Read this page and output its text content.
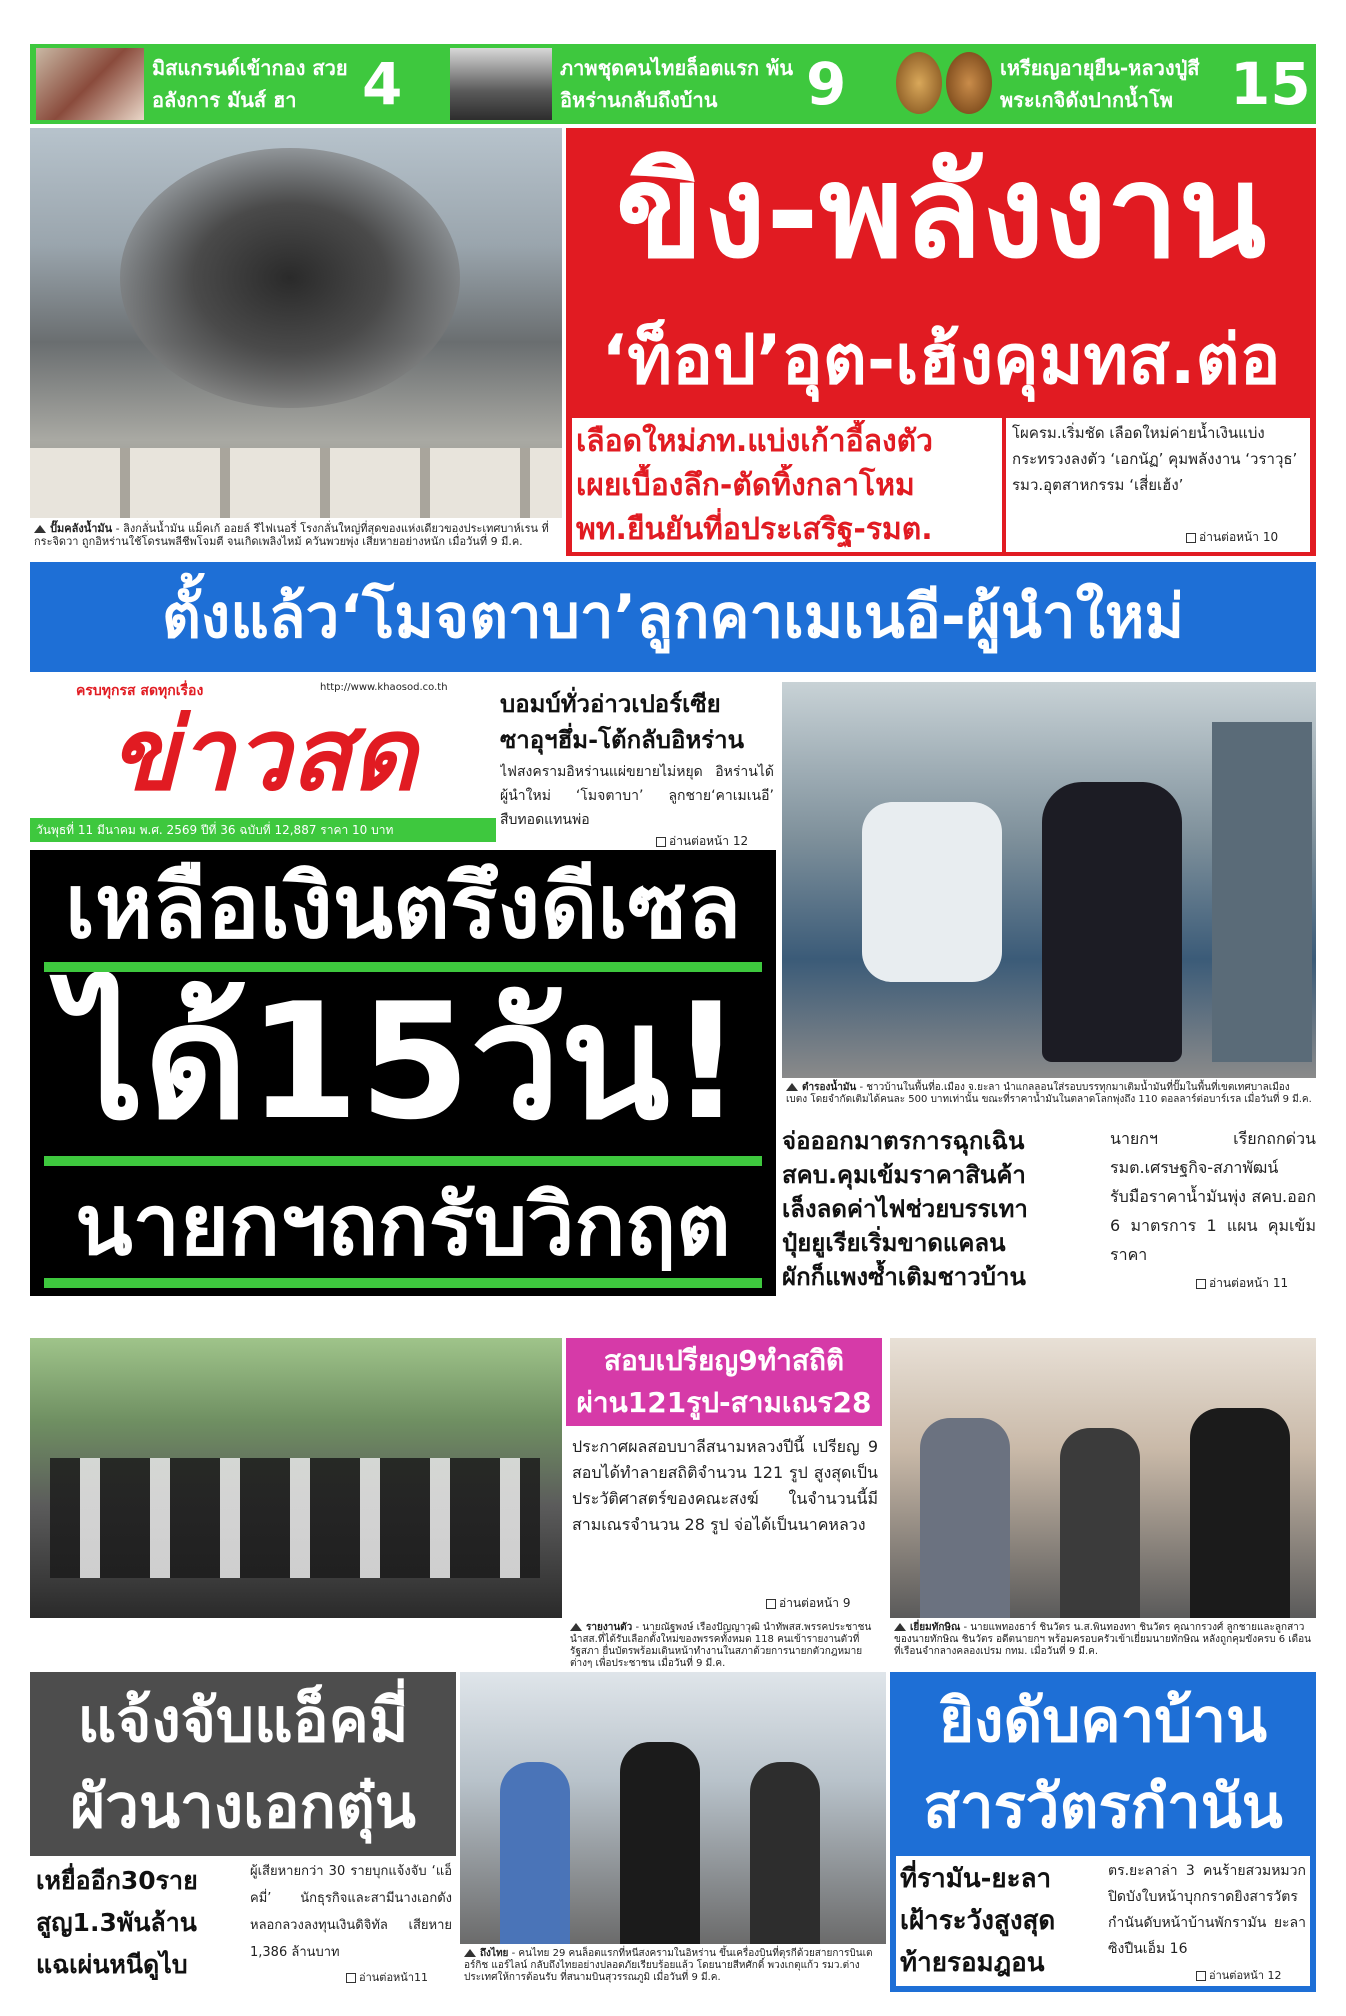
มิสแกรนด์เข้ากอง สวยอลังการ มันส์ ฮา	4	ภาพชุดคนไทยล็อตแรก พ้นอิหร่านกลับถึงบ้าน	9	เหรียญอายุยืน-หลวงปู่สี พระเกจิดังปากน้ำโพ 15
ปั๊มคลังน้ำมัน - ลิงกลั่นน้ำมัน แม็คเก้ ออยล์ รีไฟเนอรี่ โรงกลั่นใหญ่ที่สุดของแห่งเดียวของประเทศบาห์เรน ที่กระจิดวา ถูกอิหร่านใช้โดรนพลีชีพโจมตี จนเกิดเพลิงไหม้ ควันพวยพุ่ง เสียหายอย่างหนัก เมื่อวันที่ 9 มี.ค.
ขิง-พลังงาน
‘ท็อป’อุต-เฮ้งคุมทส.ต่อ
เลือดใหม่ภท.แบ่งเก้าอี้ลงตัว
เผยเบื้องลึก-ตัดทิ้งกลาโหม
พท.ยืนยันที่อประเสริฐ-รมต.
โผครม.เริ่มชัด เลือดใหม่ค่ายน้ำเงินแบ่งกระทรวงลงตัว ‘เอกนัฏ’ คุมพลังงาน ‘วราวุธ’ รมว.อุตสาหกรรม ‘เสี่ยเฮ้ง’
อ่านต่อหน้า 10
ตั้งแล้ว‘โมจตาบา’ลูกคาเมเนอี-ผู้นำใหม่
ครบทุกรส สดทุกเรื่อง	http://www.khaosod.co.th
ข่าวสด
วันพุธที่ 11 มีนาคม พ.ศ. 2569 ปีที่ 36 ฉบับที่ 12,887 ราคา 10 บาท
บอมบ์ทั่วอ่าวเปอร์เซีย
ซาอุฯฮึ่ม-โต้กลับอิหร่าน
ไฟสงครามอิหร่านแผ่ขยายไม่หยุด อิหร่านได้ผู้นำใหม่ ‘โมจตาบา’ ลูกชาย‘คาเมเนอี’ สืบทอดแทนพ่อ
อ่านต่อหน้า 12
ตำรองน้ำมัน - ชาวบ้านในพื้นที่อ.เมือง จ.ยะลา นำแกลลอนใส่รอบบรรทุกมาเติมน้ำมันที่ปั๊มในพื้นที่เขตเทศบาลเมือง เบตง โดยจำกัดเติมได้คนละ 500 บาทเท่านั้น ขณะที่ราคาน้ำมันในตลาดโลกพุ่งถึง 110 ดอลลาร์ต่อบาร์เรล เมื่อวันที่ 9 มี.ค.
เหลือเงินตรึงดีเซล
ได้15วัน!
นายกฯถกรับวิกฤต
จ่อออกมาตรการฉุกเฉิน
สคบ.คุมเข้มราคาสินค้า
เล็งลดค่าไฟช่วยบรรเทา
ปุ๋ยยูเรียเริ่มขาดแคลน
ผักก็แพงซ้ำเติมชาวบ้าน
นายกฯ เรียกถกด่วน รมต.เศรษฐกิจ-สภาพัฒน์รับมือราคาน้ำมันพุ่ง สคบ.ออก 6 มาตรการ 1 แผน คุมเข้มราคา
อ่านต่อหน้า 11
รายงานตัว - นายณัฐพงษ์ เรืองปัญญาวุฒิ นำทัพสส.พรรคประชาชน นำสส.ที่ได้รับเลือกตั้งใหม่ของพรรคทั้งหมด 118 คนเข้ารายงานตัวที่รัฐสภา ยื่นบัตรพร้อมเดินหน้าทำงานในสภาด้วยการนายกตัวกฎหมายต่างๆ เพื่อประชาชน เมื่อวันที่ 9 มี.ค.
สอบเปรียญ9ทำสถิติ
ผ่าน121รูป-สามเณร28
ประกาศผลสอบบาลีสนามหลวงปีนี้ เปรียญ 9 สอบได้ทำลายสถิติจำนวน 121 รูป สูงสุดเป็นประวัติศาสตร์ของคณะสงฆ์ ในจำนวนนี้มีสามเณรจำนวน 28 รูป จ่อได้เป็นนาคหลวง
อ่านต่อหน้า 9
เยี่ยมทักษิณ - นายแพทองธาร์ ชินวัตร น.ส.พินทองทา ชินวัตร คุณากรวงศ์ ลูกชายและลูกสาวของนายทักษิณ ชินวัตร อดีตนายกฯ พร้อมครอบครัวเข้าเยี่ยมนายทักษิณ หลังถูกคุมขังครบ 6 เดือน ที่เรือนจำกลางคลองเปรม กทม. เมื่อวันที่ 9 มี.ค.
แจ้งจับแอ็คมี่
ผัวนางเอกตุ๋น
เหยื่ออีก30ราย
สูญ1.3พันล้าน
แฉเผ่นหนีดูไบ
ผู้เสียหายกว่า 30 รายบุกแจ้งจับ ‘แอ็คมี่’ นักธุรกิจและสามีนางเอกดัง หลอกลวงลงทุนเงินดิจิทัล เสียหาย 1,386 ล้านบาท
อ่านต่อหน้า11
ถึงไทย - คนไทย 29 คนล็อตแรกที่หนีสงครามในอิหร่าน ขึ้นเครื่องบินที่ตุรกีด้วยสายการบินเตอร์กิช แอร์ไลน์ กลับถึงไทยอย่างปลอดภัยเรียบร้อยแล้ว โดยนายสีหศักดิ์ พวงเกตุแก้ว รมว.ต่างประเทศให้การต้อนรับ ที่สนามบินสุวรรณภูมิ เมื่อวันที่ 9 มี.ค.
ยิงดับคาบ้าน
สารวัตรกำนัน
ที่รามัน-ยะลา
เฝ้าระวังสูงสุด
ท้ายรอมฎอน
ตร.ยะลาล่า 3 คนร้ายสวมหมวกปิดบังใบหน้าบุกกราดยิงสารวัตรกำนันดับหน้าบ้านพักรามัน ยะลา ซิงปืนเอ็ม 16
อ่านต่อหน้า 12
